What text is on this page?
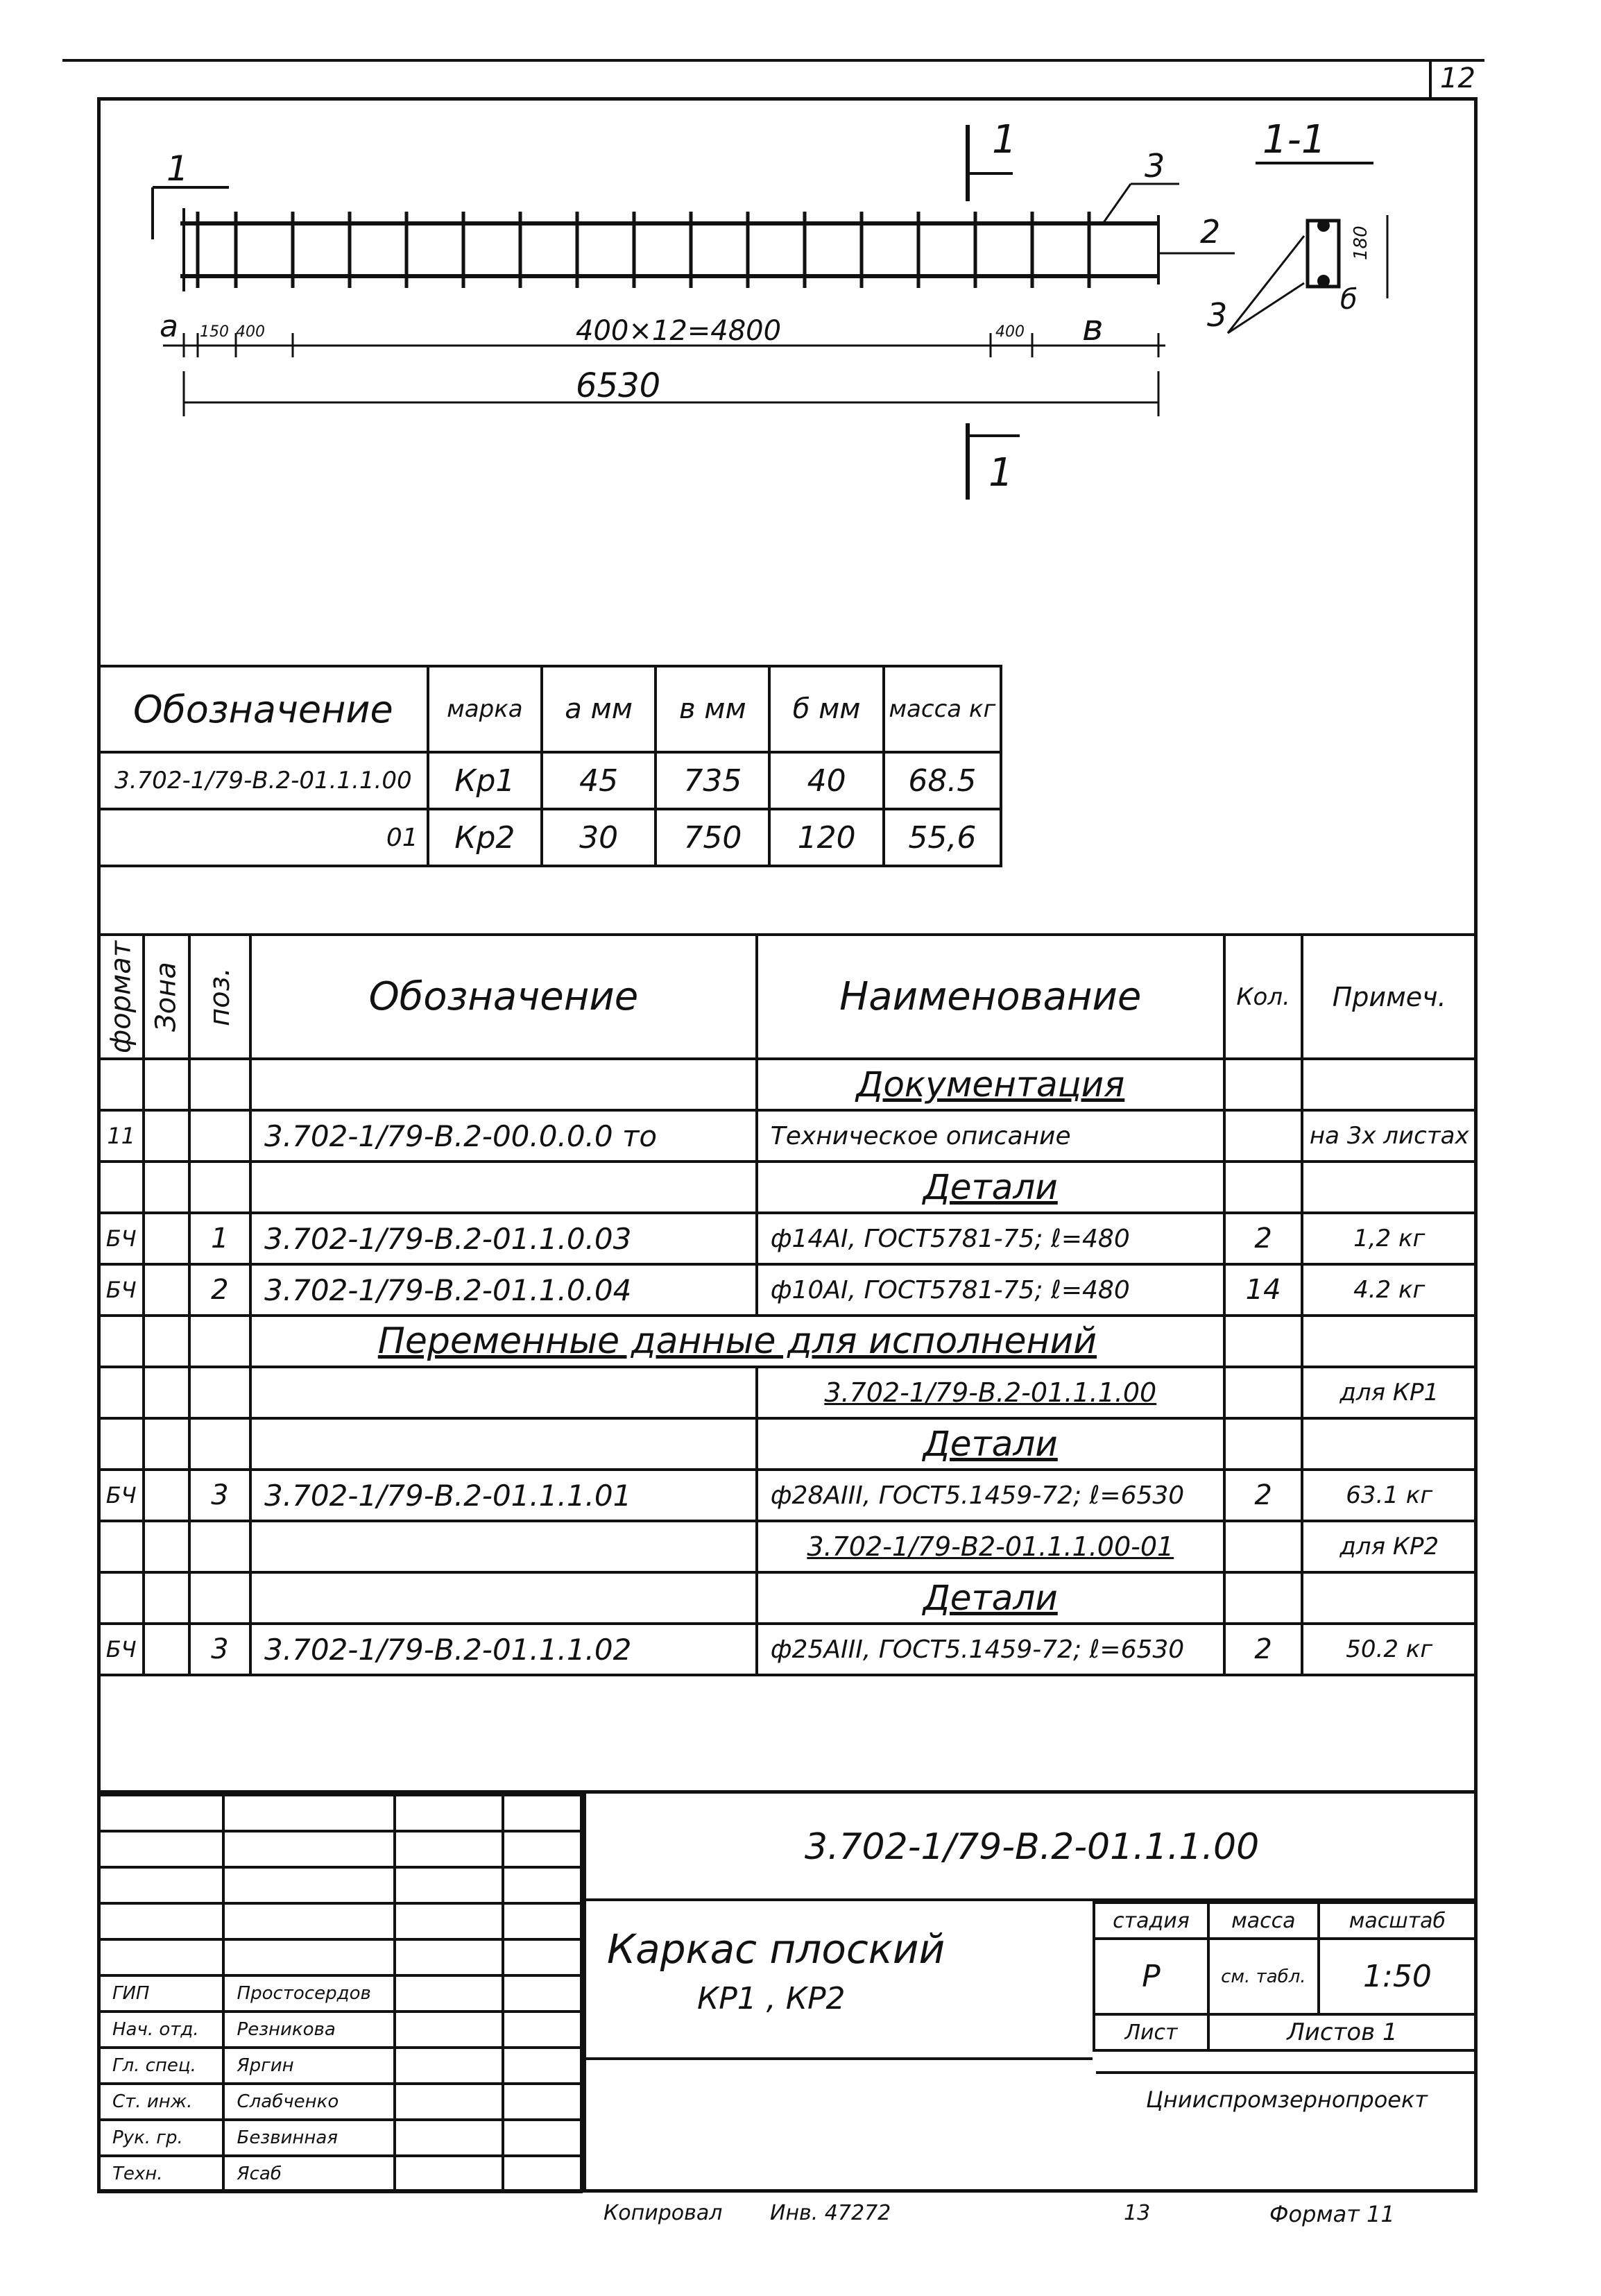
12
1
1
1
3
2
a 150 400	400×12=4800	400 в
6530
1-1
180
б
3
Обозначение	марка	a мм	в мм	б мм	масса кг
3.702-1/79-В.2-01.1.1.00	Кр1	45	735	40	68.5
01	Кр2	30	750	120	55,6
формат	Зона	поз.	Обозначение	Наименование	Кол.	Примеч.
				Документация		
11			3.702-1/79-В.2-00.0.0.0 то	Техническое описание		на 3х листах
				Детали		
БЧ		1	3.702-1/79-В.2-01.1.0.03	ф14АI, ГОСТ5781-75; ℓ=480	2	1,2 кг
БЧ		2	3.702-1/79-В.2-01.1.0.04	ф10АI, ГОСТ5781-75; ℓ=480	14	4.2 кг
			Переменные данные для исполнений			
				3.702-1/79-В.2-01.1.1.00		для КР1
				Детали		
БЧ		3	3.702-1/79-В.2-01.1.1.01	ф28АIII, ГОСТ5.1459-72; ℓ=6530	2	63.1 кг
				3.702-1/79-В2-01.1.1.00-01		для КР2
				Детали		
БЧ		3	3.702-1/79-В.2-01.1.1.02	ф25АIII, ГОСТ5.1459-72; ℓ=6530	2	50.2 кг

ГИП	Простосердов		
Нач. отд.	Резникова		
Гл. спец.	Яргин		
Ст. инж.	Слабченко		
Рук. гр.	Безвинная		
Техн.	Ясаб		
3.702-1/79-В.2-01.1.1.00
Каркас плоский
КР1 , КР2
стадия	масса	масштаб
Р	см. табл.	1:50
Лист	Листов 1	
Цнииспромзернопроект
Копировал Инв. 47272	13	Формат 11
